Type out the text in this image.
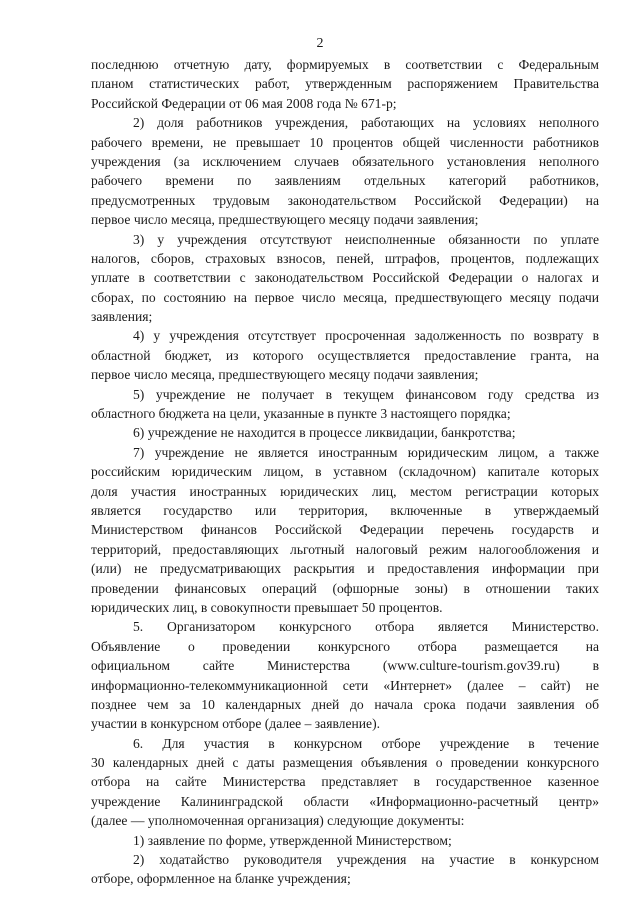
2
последнюю отчетную дату, формируемых в соответствии с Федеральным
планом статистических работ, утвержденным распоряжением Правительства
Российской Федерации от 06 мая 2008 года № 671-р;
2) доля работников учреждения, работающих на условиях неполного
рабочего времени, не превышает 10 процентов общей численности работников
учреждения (за исключением случаев обязательного установления неполного
рабочего времени по заявлениям отдельных категорий работников,
предусмотренных трудовым законодательством Российской Федерации) на
первое число месяца, предшествующего месяцу подачи заявления;
3) у учреждения отсутствуют неисполненные обязанности по уплате
налогов, сборов, страховых взносов, пеней, штрафов, процентов, подлежащих
уплате в соответствии с законодательством Российской Федерации о налогах и
сборах, по состоянию на первое число месяца, предшествующего месяцу подачи
заявления;
4) у учреждения отсутствует просроченная задолженность по возврату в
областной бюджет, из которого осуществляется предоставление гранта, на
первое число месяца, предшествующего месяцу подачи заявления;
5) учреждение не получает в текущем финансовом году средства из
областного бюджета на цели, указанные в пункте 3 настоящего порядка;
6) учреждение не находится в процессе ликвидации, банкротства;
7) учреждение не является иностранным юридическим лицом, а также
российским юридическим лицом, в уставном (складочном) капитале которых
доля участия иностранных юридических лиц, местом регистрации которых
является государство или территория, включенные в утверждаемый
Министерством финансов Российской Федерации перечень государств и
территорий, предоставляющих льготный налоговый режим налогообложения и
(или) не предусматривающих раскрытия и предоставления информации при
проведении финансовых операций (офшорные зоны) в отношении таких
юридических лиц, в совокупности превышает 50 процентов.
5. Организатором конкурсного отбора является Министерство.
Объявление о проведении конкурсного отбора размещается на
официальном сайте Министерства (www.culture-tourism.gov39.ru) в
информационно-телекоммуникационной сети «Интернет» (далее – сайт) не
позднее чем за 10 календарных дней до начала срока подачи заявления об
участии в конкурсном отборе (далее – заявление).
6. Для участия в конкурсном отборе учреждение в течение
30 календарных дней с даты размещения объявления о проведении конкурсного
отбора на сайте Министерства представляет в государственное казенное
учреждение Калининградской области «Информационно-расчетный центр»
(далее — уполномоченная организация) следующие документы:
1) заявление по форме, утвержденной Министерством;
2) ходатайство руководителя учреждения на участие в конкурсном
отборе, оформленное на бланке учреждения;
